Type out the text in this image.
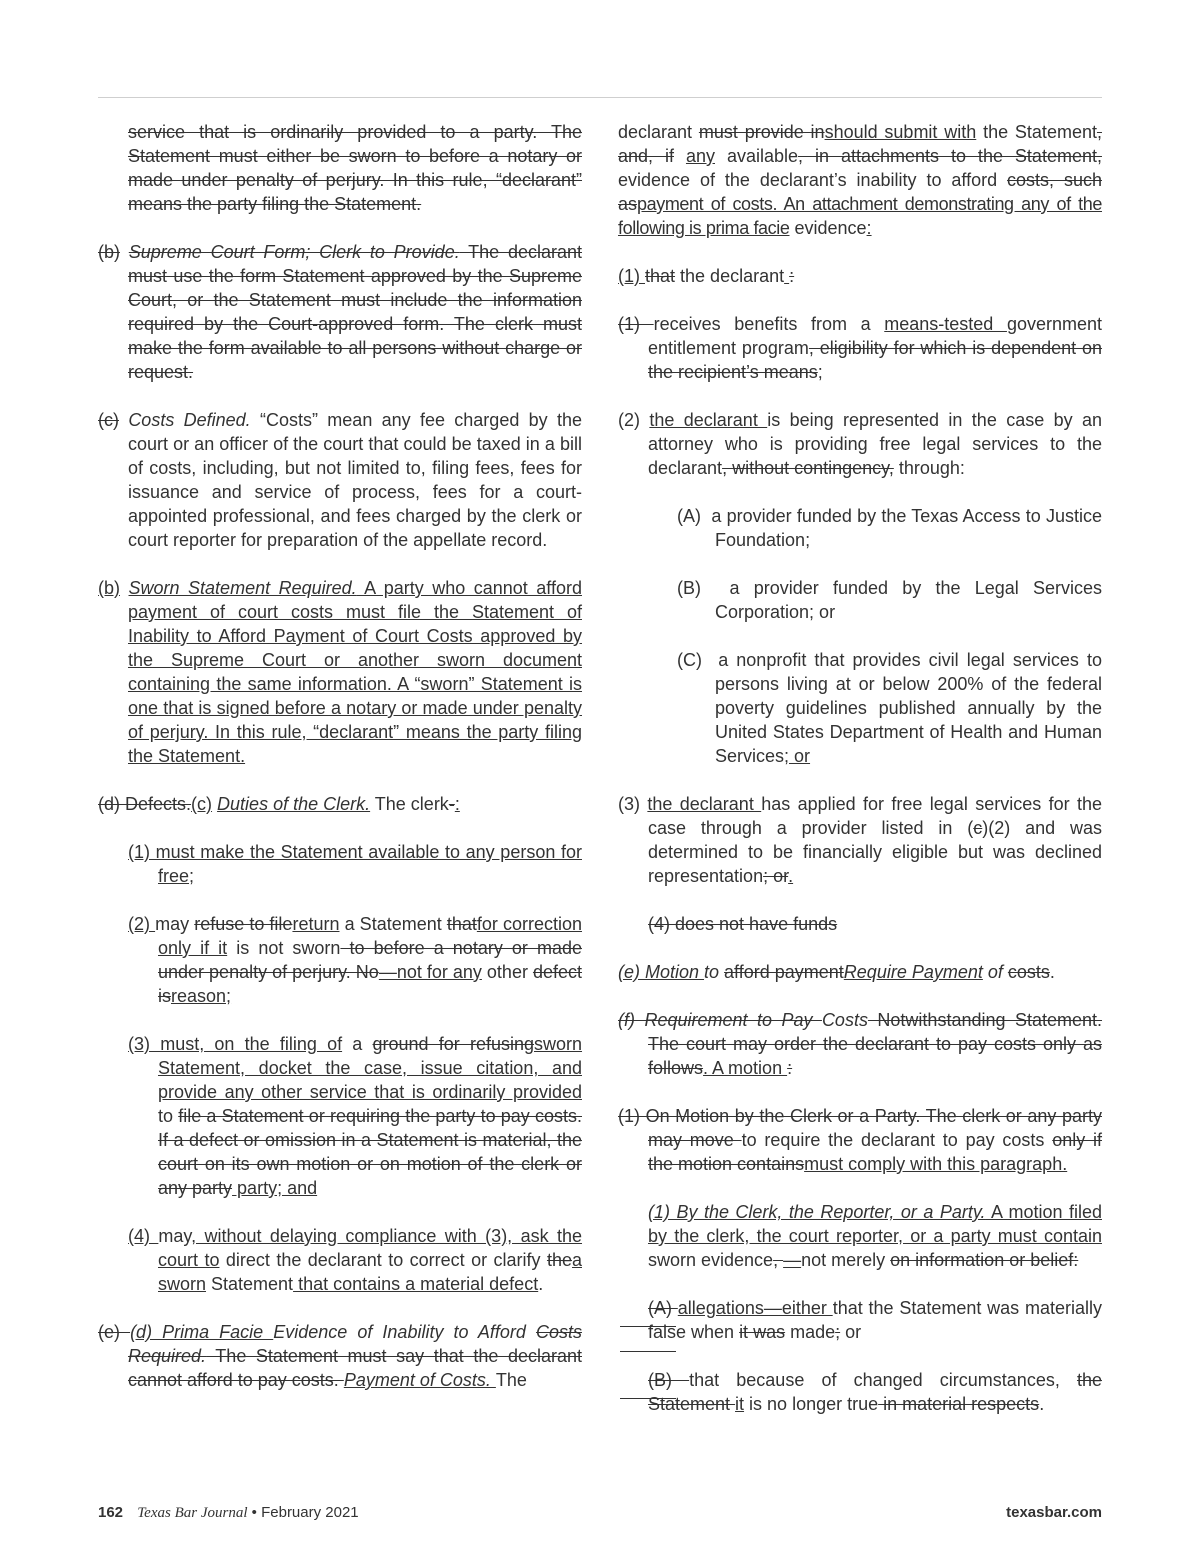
service that is ordinarily provided to a party. The Statement must either be sworn to before a notary or made under penalty of perjury. In this rule, “declarant” means the party filing the Statement.

(b) Supreme Court Form; Clerk to Provide. The declarant must use the form Statement approved by the Supreme Court, or the Statement must include the information required by the Court-approved form. The clerk must make the form available to all persons without charge or request.

(c) Costs Defined. “Costs” mean any fee charged by the court or an officer of the court that could be taxed in a bill of costs, including, but not limited to, filing fees, fees for issuance and service of process, fees for a court-appointed professional, and fees charged by the clerk or court reporter for preparation of the appellate record.

(b) Sworn Statement Required. A party who cannot afford payment of court costs must file the Statement of Inability to Afford Payment of Court Costs approved by the Supreme Court or another sworn document containing the same information. A “sworn” Statement is one that is signed before a notary or made under penalty of perjury. In this rule, “declarant” means the party filing the Statement.

(d) Defects.(c) Duties of the Clerk. The clerk-:

(1) must make the Statement available to any person for free;

(2) may refuse to filereturn a Statement thatfor correction only if it is not sworn to before a notary or made under penalty of perjury. No—not for any other defect isreason;

(3) must, on the filing of a ground for refusingsworn Statement, docket the case, issue citation, and provide any other service that is ordinarily provided to file a Statement or requiring the party to pay costs. If a defect or omission in a Statement is material, the court on its own motion or on motion of the clerk or any party party; and

(4) may, without delaying compliance with (3), ask the court to direct the declarant to correct or clarify thea sworn Statement that contains a material defect.

(e) (d) Prima Facie Evidence of Inability to Afford Costs Required. The Statement must say that the declarant cannot afford to pay costs. Payment of Costs. The

declarant must provide inshould submit with the Statement, and, if any available, in attachments to the Statement, evidence of the declarant’s inability to afford costs, such aspayment of costs. An attachment demonstrating any of the following is prima facie evidence:

(1) that the declarant :

(1) receives benefits from a means-tested government entitlement program, eligibility for which is dependent on the recipient’s means;

(2) the declarant is being represented in the case by an attorney who is providing free legal services to the declarant, without contingency, through:

(A) a provider funded by the Texas Access to Justice Foundation;

(B) a provider funded by the Legal Services Corporation; or

(C) a nonprofit that provides civil legal services to persons living at or below 200% of the federal poverty guidelines published annually by the United States Department of Health and Human Services; or

(3) the declarant has applied for free legal services for the case through a provider listed in (c)(2) and was determined to be financially eligible but was declined representation; or.

(4) does not have funds

(e) Motion to afford paymentRequire Payment of costs.

(f) Requirement to Pay Costs Notwithstanding Statement. The court may order the declarant to pay costs only as follows. A motion :

(1) On Motion by the Clerk or a Party. The clerk or any party may move to require the declarant to pay costs only if the motion containsmust comply with this paragraph.

(1) By the Clerk, the Reporter, or a Party. A motion filed by the clerk, the court reporter, or a party must contain sworn evidence, —not merely on information or belief:

(A) allegations—either that the Statement was materially false when it was made; or

(B) that because of changed circumstances, the Statement it is no longer true in material respects.

162 Texas Bar Journal • February 2021	texasbar.com
